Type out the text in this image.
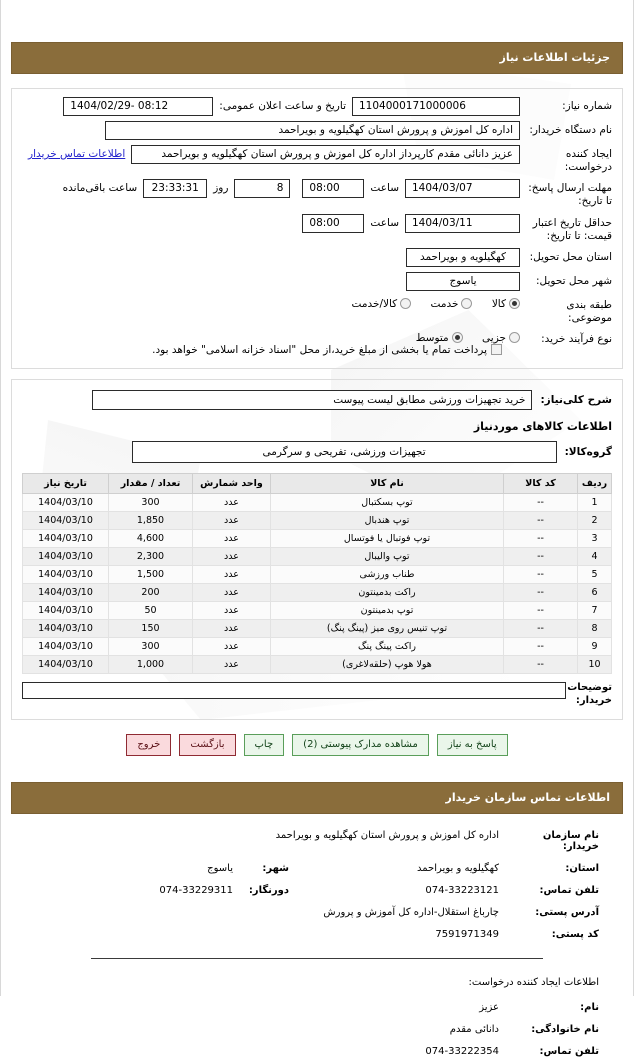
جزئیات اطلاعات نیاز
شماره نیاز:
1104000171000006
تاریخ و ساعت اعلان عمومی:
1404/02/29- 08:12
نام دستگاه خریدار:
اداره کل اموزش و پرورش استان کهگیلویه و بویراحمد
ایجاد کننده درخواست:
عزیز دانائی مقدم کارپرداز اداره کل اموزش و پرورش استان کهگیلویه و بویراحمد
اطلاعات تماس خریدار
مهلت ارسال پاسخ: تا تاریخ:
1404/03/07
ساعت
08:00
8
روز
23:33:31
ساعت باقی‌مانده
حداقل تاریخ اعتبار قیمت: تا تاریخ:
1404/03/11
ساعت
08:00
استان محل تحویل:
کهگیلویه و بویراحمد
شهر محل تحویل:
یاسوج
طبقه بندی موضوعی:
کالا خدمت کالا/خدمت
نوع فرآیند خرید:
جزیی متوسط پرداخت تمام یا بخشی از مبلغ خرید،از محل "اسناد خزانه اسلامی" خواهد بود.
شرح کلی‌نیاز:
خرید تجهیزات ورزشی مطابق لیست پیوست
اطلاعات کالاهای موردنیاز
گروه‌کالا:
تجهیزات ورزشی، تفریحی و سرگرمی
ردیف	کد کالا	نام کالا	واحد شمارش	تعداد / مقدار	تاریخ نیاز
1	--	توپ بسکتبال	عدد	300	1404/03/10
2	--	توپ هندبال	عدد	1,850	1404/03/10
3	--	توپ فوتبال یا فوتسال	عدد	4,600	1404/03/10
4	--	توپ والیبال	عدد	2,300	1404/03/10
5	--	طناب ورزشی	عدد	1,500	1404/03/10
6	--	راکت بدمینتون	عدد	200	1404/03/10
7	--	توپ بدمینتون	عدد	50	1404/03/10
8	--	توپ تنیس روی میز (پینگ پنگ)	عدد	150	1404/03/10
9	--	راکت پینگ پنگ	عدد	300	1404/03/10
10	--	هولا هوپ (حلقه‌لاغری)	عدد	1,000	1404/03/10
توضیحات خریدار:
پاسخ به نیاز
مشاهده مدارک پیوستی (2)
چاپ
بازگشت
خروج
اطلاعات تماس سازمان خریدار
نام سازمان خریدار:
اداره کل اموزش و پرورش استان کهگیلویه و بویراحمد
استان:
کهگیلویه و بویراحمد
شهر:
یاسوج
تلفن تماس:
074-33223121
دورنگار:
074-33229311
آدرس پستی:
چارباغ استقلال-اداره کل آموزش و پرورش
کد پستی:
7591971349
اطلاعات ایجاد کننده درخواست:
نام:
عزیز
نام خانوادگی:
دانائی مقدم
تلفن تماس:
074-33222354
